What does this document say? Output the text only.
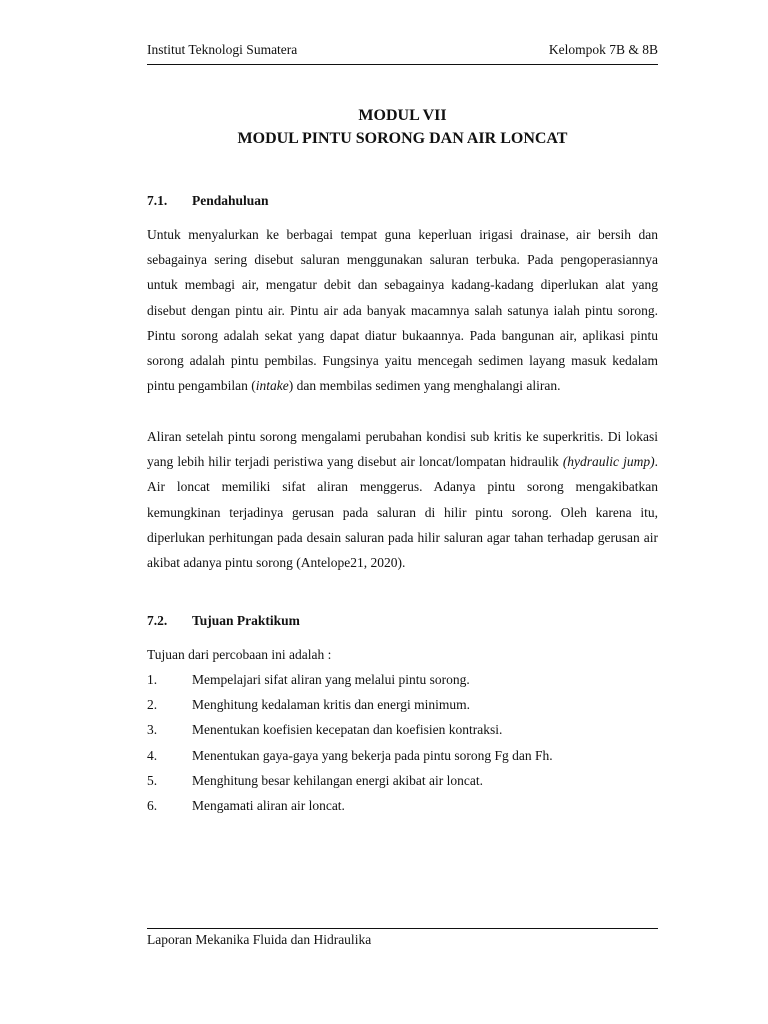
Institut Teknologi Sumatera	Kelompok 7B & 8B
MODUL VII
MODUL PINTU SORONG DAN AIR LONCAT
7.1. Pendahuluan

Untuk menyalurkan ke berbagai tempat guna keperluan irigasi drainase, air bersih dan sebagainya sering disebut saluran menggunakan saluran terbuka. Pada pengoperasiannya untuk membagi air, mengatur debit dan sebagainya kadang-kadang diperlukan alat yang disebut dengan pintu air. Pintu air ada banyak macamnya salah satunya ialah pintu sorong. Pintu sorong adalah sekat yang dapat diatur bukaannya. Pada bangunan air, aplikasi pintu sorong adalah pintu pembilas. Fungsinya yaitu mencegah sedimen layang masuk kedalam pintu pengambilan (intake) dan membilas sedimen yang menghalangi aliran.

Aliran setelah pintu sorong mengalami perubahan kondisi sub kritis ke superkritis. Di lokasi yang lebih hilir terjadi peristiwa yang disebut air loncat/lompatan hidraulik (hydraulic jump). Air loncat memiliki sifat aliran menggerus. Adanya pintu sorong mengakibatkan kemungkinan terjadinya gerusan pada saluran di hilir pintu sorong. Oleh karena itu, diperlukan perhitungan pada desain saluran pada hilir saluran agar tahan terhadap gerusan air akibat adanya pintu sorong (Antelope21, 2020).

7.2. Tujuan Praktikum
Tujuan dari percobaan ini adalah :
1.	Mempelajari sifat aliran yang melalui pintu sorong.
2.	Menghitung kedalaman kritis dan energi minimum.
3.	Menentukan koefisien kecepatan dan koefisien kontraksi.
4.	Menentukan gaya-gaya yang bekerja pada pintu sorong Fg dan Fh.
5.	Menghitung besar kehilangan energi akibat air loncat.
6.	Mengamati aliran air loncat.
Laporan Mekanika Fluida dan Hidraulika
